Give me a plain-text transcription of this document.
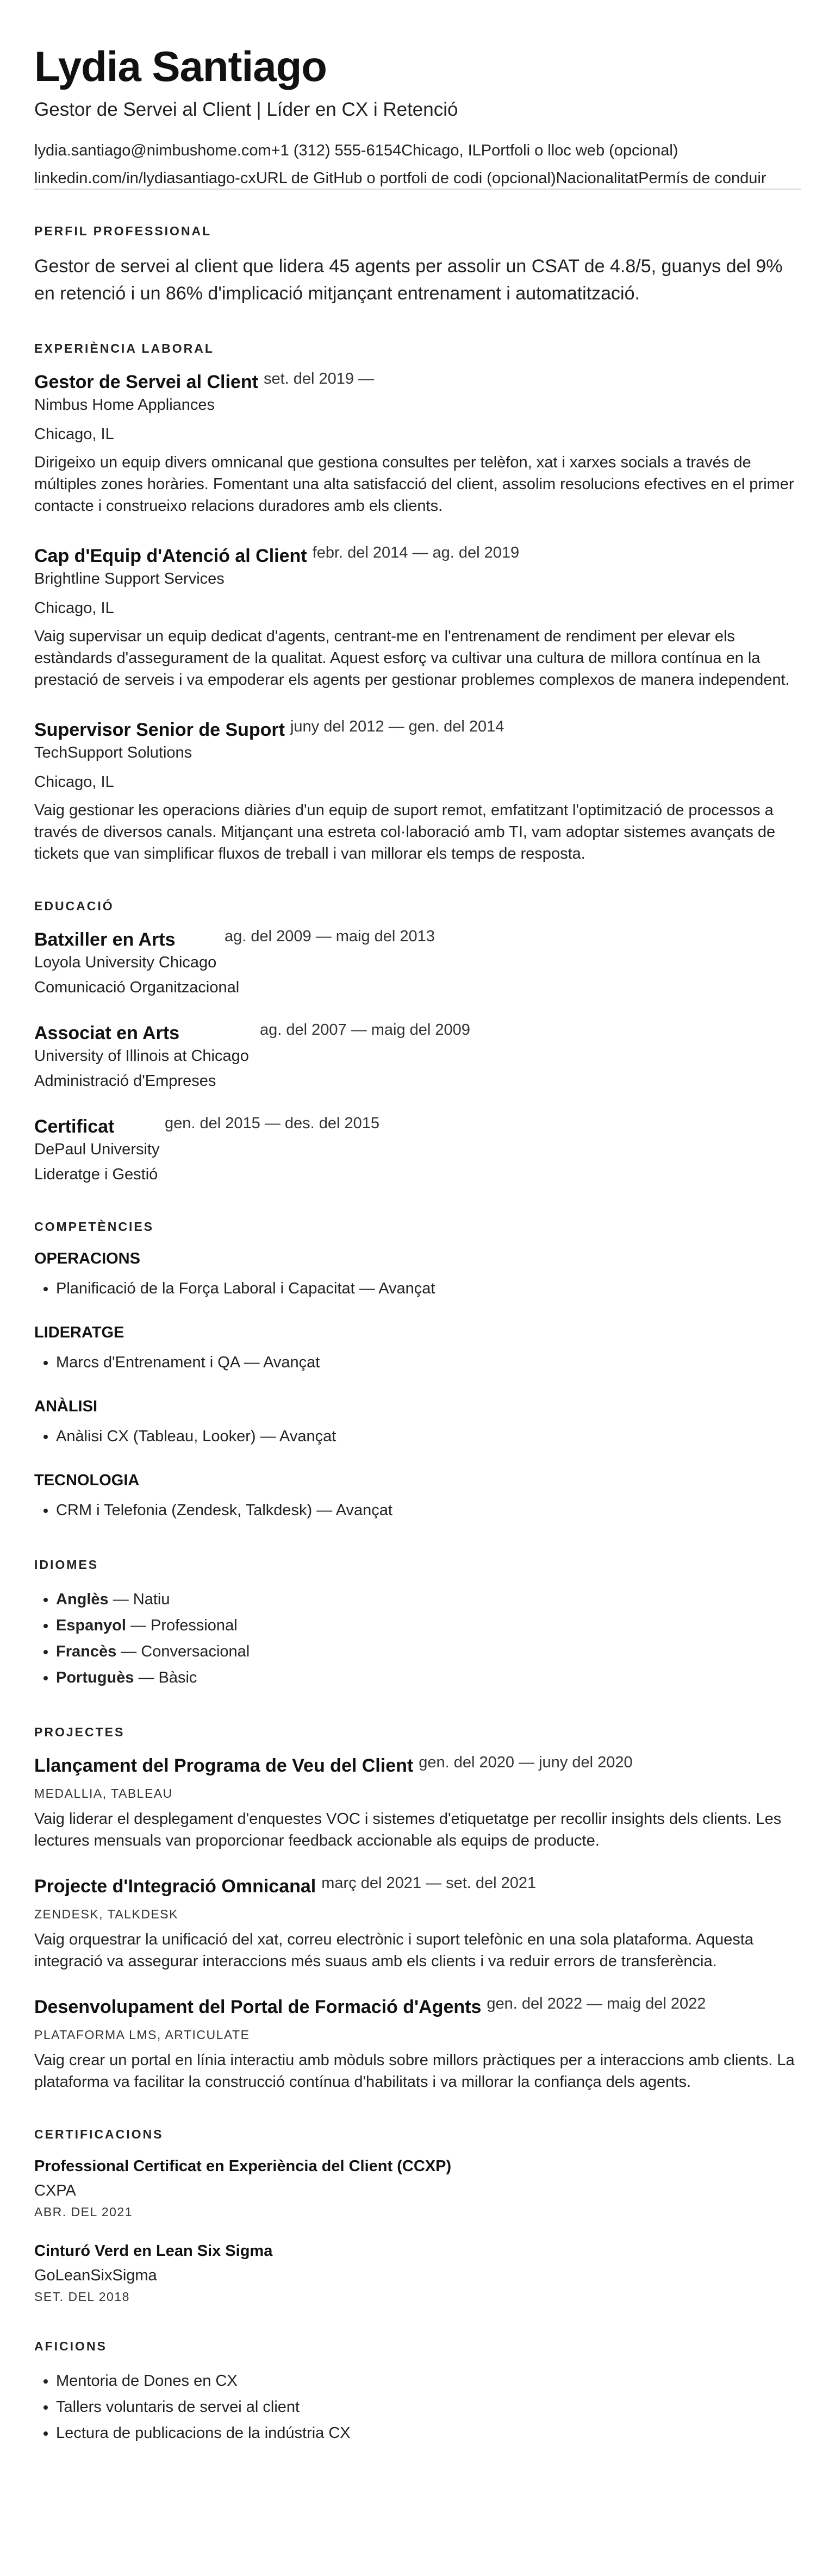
Lydia Santiago
Gestor de Servei al Client | Líder en CX i Retenció
lydia.santiago@nimbushome.com +1 (312) 555-6154 Chicago, IL Portfoli o lloc web (opcional)
linkedin.com/in/lydiasantiago-cx URL de GitHub o portfoli de codi (opcional) Nacionalitat Permís de conduir
PERFIL PROFESSIONAL

Gestor de servei al client que lidera 45 agents per assolir un CSAT de 4.8/5, guanys del 9% en retenció i un 86% d'implicació mitjançant entrenament i automatització.

EXPERIÈNCIA LABORAL
Gestor de Servei al Client set. del 2019 —
Nimbus Home Appliances
Chicago, IL

Dirigeixo un equip divers omnicanal que gestiona consultes per telèfon, xat i xarxes socials a través de múltiples zones horàries. Fomentant una alta satisfacció del client, assolim resolucions efectives en el primer contacte i construeixo relacions duradores amb els clients.

Cap d'Equip d'Atenció al Client febr. del 2014 — ag. del 2019
Brightline Support Services
Chicago, IL

Vaig supervisar un equip dedicat d'agents, centrant-me en l'entrenament de rendiment per elevar els estàndards d'assegurament de la qualitat. Aquest esforç va cultivar una cultura de millora contínua en la prestació de serveis i va empoderar els agents per gestionar problemes complexos de manera independent.

Supervisor Senior de Suport juny del 2012 — gen. del 2014
TechSupport Solutions
Chicago, IL

Vaig gestionar les operacions diàries d'un equip de suport remot, emfatitzant l'optimització de processos a través de diversos canals. Mitjançant una estreta col·laboració amb TI, vam adoptar sistemes avançats de tickets que van simplificar fluxos de treball i van millorar els temps de resposta.

EDUCACIÓ
Batxiller en Arts	ag. del 2009 — maig del 2013
Loyola University Chicago
Comunicació Organitzacional
Associat en Arts	ag. del 2007 — maig del 2009
University of Illinois at Chicago
Administració d'Empreses
Certificat	gen. del 2015 — des. del 2015
DePaul University
Lideratge i Gestió
COMPETÈNCIES
OPERACIONS
• Planificació de la Força Laboral i Capacitat — Avançat
LIDERATGE
• Marcs d'Entrenament i QA — Avançat
ANÀLISI
• Anàlisi CX (Tableau, Looker) — Avançat
TECNOLOGIA
• CRM i Telefonia (Zendesk, Talkdesk) — Avançat
IDIOMES
• Anglès — Natiu
• Espanyol — Professional
• Francès — Conversacional
• Portuguès — Bàsic
PROJECTES
Llançament del Programa de Veu del Client gen. del 2020 — juny del 2020
MEDALLIA, TABLEAU

Vaig liderar el desplegament d'enquestes VOC i sistemes d'etiquetatge per recollir insights dels clients. Les lectures mensuals van proporcionar feedback accionable als equips de producte.

Projecte d'Integració Omnicanal març del 2021 — set. del 2021
ZENDESK, TALKDESK

Vaig orquestrar la unificació del xat, correu electrònic i suport telefònic en una sola plataforma. Aquesta integració va assegurar interaccions més suaus amb els clients i va reduir errors de transferència.

Desenvolupament del Portal de Formació d'Agents gen. del 2022 — maig del 2022
PLATAFORMA LMS, ARTICULATE

Vaig crear un portal en línia interactiu amb mòduls sobre millors pràctiques per a interaccions amb clients. La plataforma va facilitar la construcció contínua d'habilitats i va millorar la confiança dels agents.

CERTIFICACIONS
Professional Certificat en Experiència del Client (CCXP)
CXPA
ABR. DEL 2021
Cinturó Verd en Lean Six Sigma
GoLeanSixSigma
SET. DEL 2018
AFICIONS
• Mentoria de Dones en CX
• Tallers voluntaris de servei al client
• Lectura de publicacions de la indústria CX
